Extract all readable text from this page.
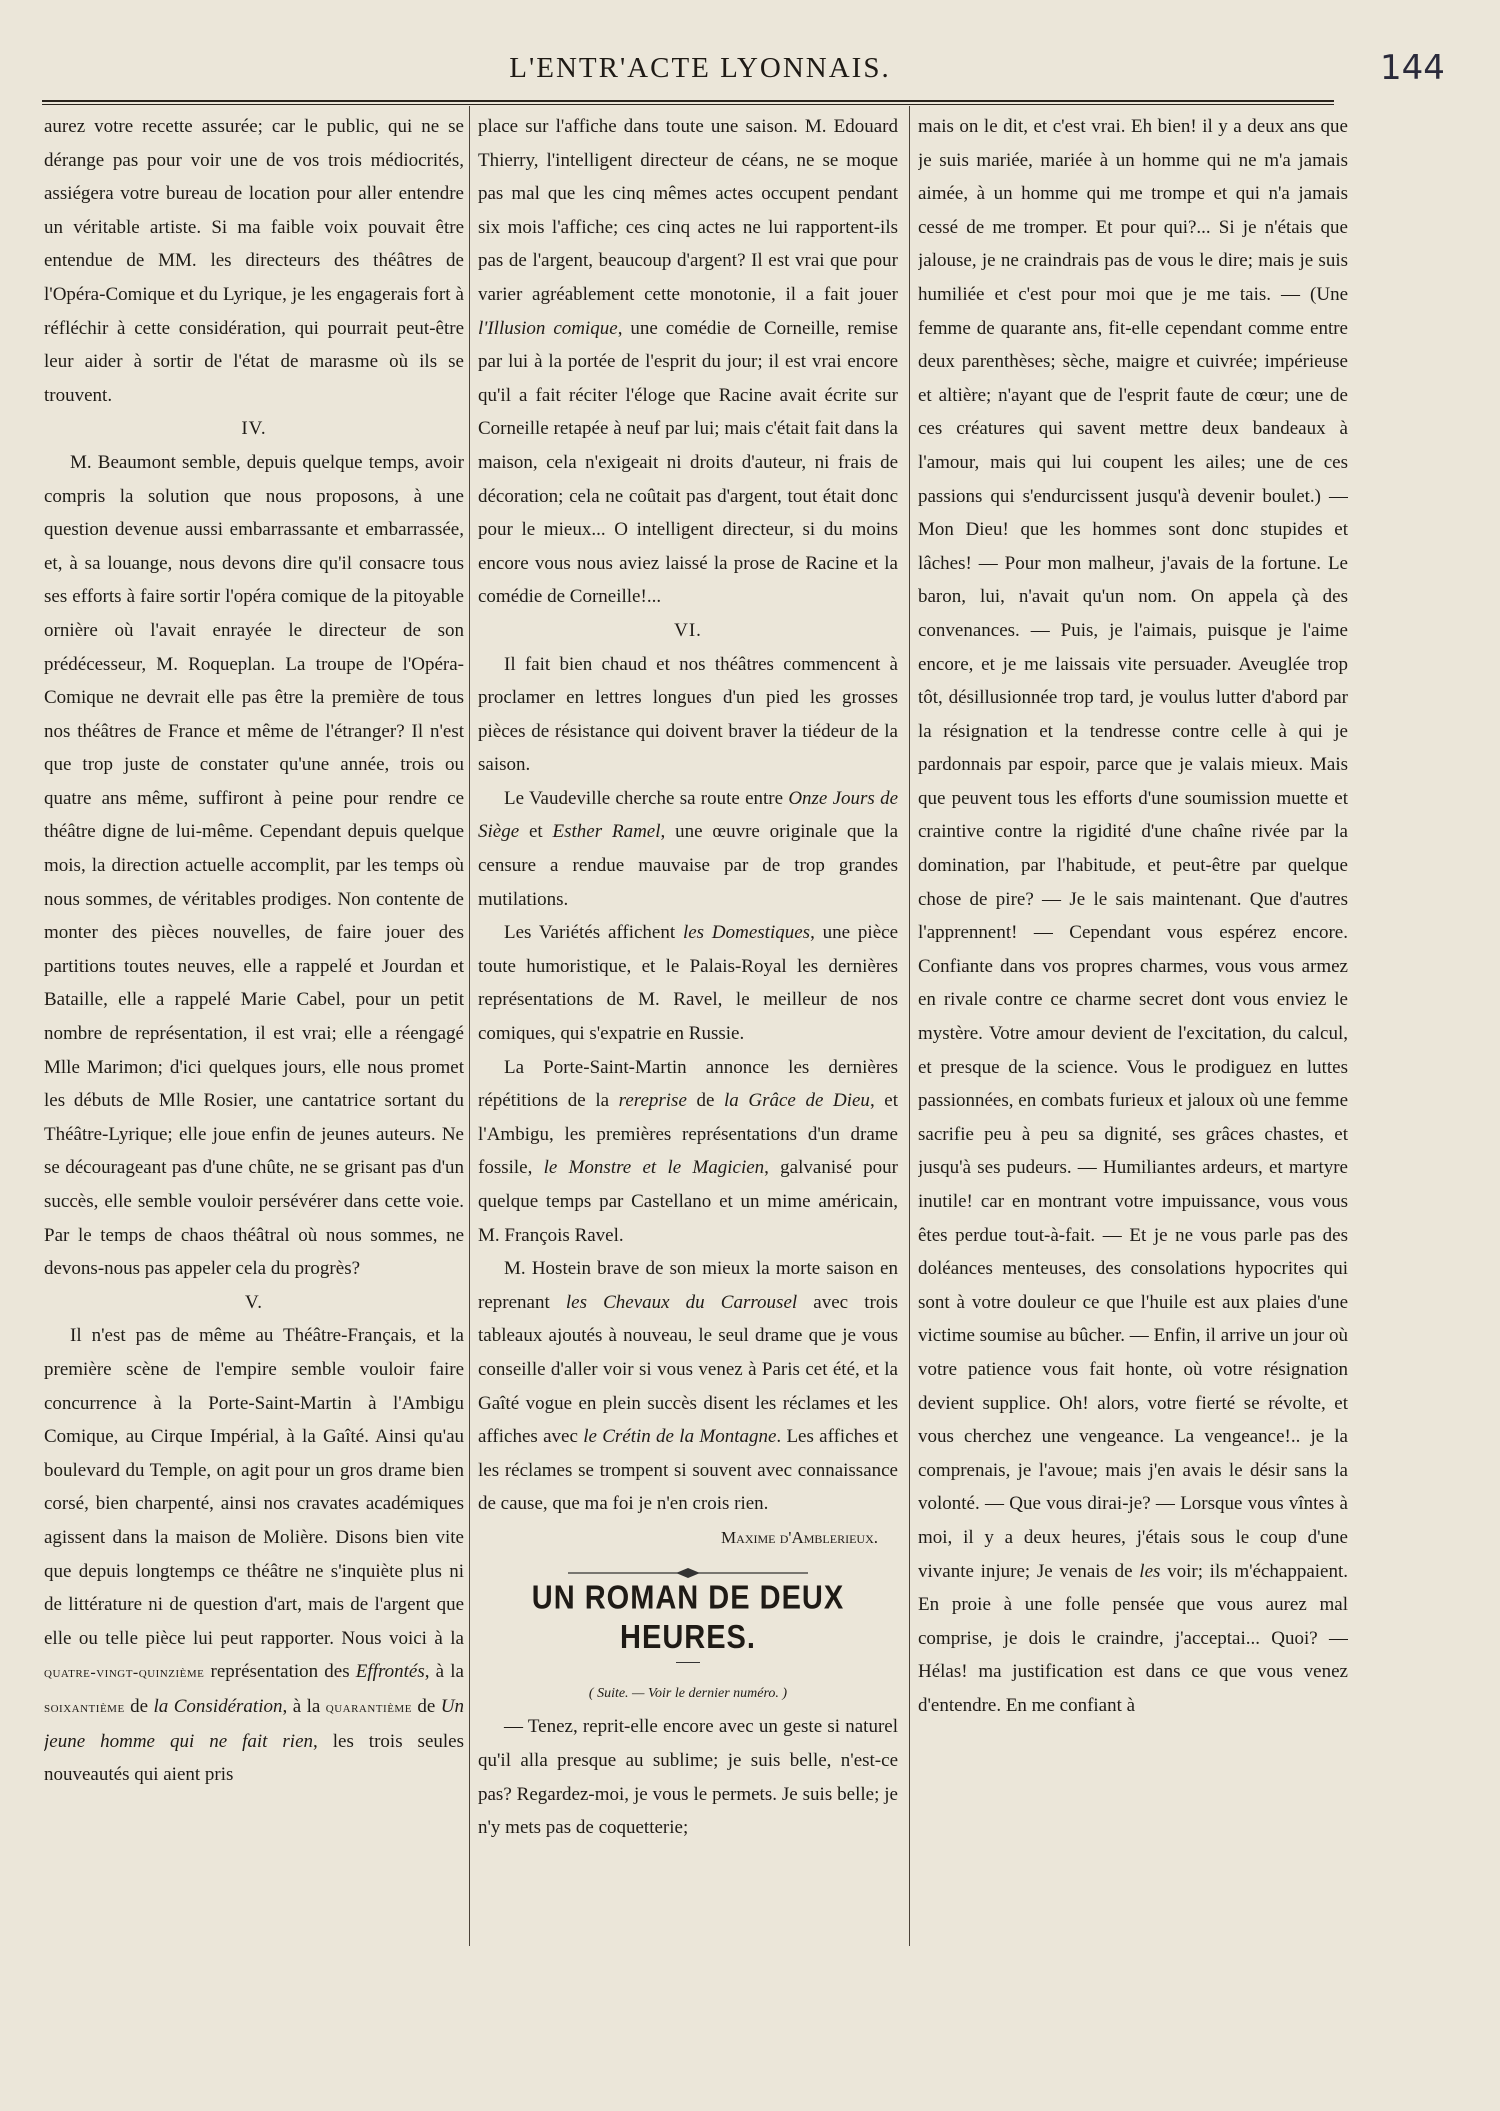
L'ENTR'ACTE LYONNAIS.	144

aurez votre recette assurée; car le public, qui ne se dérange pas pour voir une de vos trois médiocrités, assiégera votre bureau de location pour aller entendre un véritable artiste. Si ma faible voix pouvait être entendue de MM. les directeurs des théâtres de l'Opéra-Comique et du Lyrique, je les engagerais fort à réfléchir à cette considération, qui pourrait peut-être leur aider à sortir de l'état de marasme où ils se trouvent.

IV.

M. Beaumont semble, depuis quelque temps, avoir compris la solution que nous proposons, à une question devenue aussi embarrassante et embarrassée, et, à sa louange, nous devons dire qu'il consacre tous ses efforts à faire sortir l'opéra comique de la pitoyable ornière où l'avait enrayée le directeur de son prédécesseur, M. Roqueplan. La troupe de l'Opéra-Comique ne devrait elle pas être la première de tous nos théâtres de France et même de l'étranger? Il n'est que trop juste de constater qu'une année, trois ou quatre ans même, suffiront à peine pour rendre ce théâtre digne de lui-même. Cependant depuis quelque mois, la direction actuelle accomplit, par les temps où nous sommes, de véritables prodiges. Non contente de monter des pièces nouvelles, de faire jouer des partitions toutes neuves, elle a rappelé et Jourdan et Bataille, elle a rappelé Marie Cabel, pour un petit nombre de représentation, il est vrai; elle a réengagé Mlle Marimon; d'ici quelques jours, elle nous promet les débuts de Mlle Rosier, une cantatrice sortant du Théâtre-Lyrique; elle joue enfin de jeunes auteurs. Ne se décourageant pas d'une chûte, ne se grisant pas d'un succès, elle semble vouloir persévérer dans cette voie. Par le temps de chaos théâtral où nous sommes, ne devons-nous pas appeler cela du progrès?

V.

Il n'est pas de même au Théâtre-Français, et la première scène de l'empire semble vouloir faire concurrence à la Porte-Saint-Martin à l'Ambigu Comique, au Cirque Impérial, à la Gaîté. Ainsi qu'au boulevard du Temple, on agit pour un gros drame bien corsé, bien charpenté, ainsi nos cravates académiques agissent dans la maison de Molière. Disons bien vite que depuis longtemps ce théâtre ne s'inquiète plus ni de littérature ni de question d'art, mais de l'argent que elle ou telle pièce lui peut rapporter. Nous voici à la quatre-vingt-quinzième représentation des Effrontés, à la soixantième de la Considération, à la quarantième de Un jeune homme qui ne fait rien, les trois seules nouveautés qui aient pris

place sur l'affiche dans toute une saison. M. Edouard Thierry, l'intelligent directeur de céans, ne se moque pas mal que les cinq mêmes actes occupent pendant six mois l'affiche; ces cinq actes ne lui rapportent-ils pas de l'argent, beaucoup d'argent? Il est vrai que pour varier agréablement cette monotonie, il a fait jouer l'Illusion comique, une comédie de Corneille, remise par lui à la portée de l'esprit du jour; il est vrai encore qu'il a fait réciter l'éloge que Racine avait écrite sur Corneille retapée à neuf par lui; mais c'était fait dans la maison, cela n'exigeait ni droits d'auteur, ni frais de décoration; cela ne coûtait pas d'argent, tout était donc pour le mieux... O intelligent directeur, si du moins encore vous nous aviez laissé la prose de Racine et la comédie de Corneille!...

VI.

Il fait bien chaud et nos théâtres commencent à proclamer en lettres longues d'un pied les grosses pièces de résistance qui doivent braver la tiédeur de la saison.

Le Vaudeville cherche sa route entre Onze Jours de Siège et Esther Ramel, une œuvre originale que la censure a rendue mauvaise par de trop grandes mutilations.

Les Variétés affichent les Domestiques, une pièce toute humoristique, et le Palais-Royal les dernières représentations de M. Ravel, le meilleur de nos comiques, qui s'expatrie en Russie.

La Porte-Saint-Martin annonce les dernières répétitions de la rereprise de la Grâce de Dieu, et l'Ambigu, les premières représentations d'un drame fossile, le Monstre et le Magicien, galvanisé pour quelque temps par Castellano et un mime américain, M. François Ravel.

M. Hostein brave de son mieux la morte saison en reprenant les Chevaux du Carrousel avec trois tableaux ajoutés à nouveau, le seul drame que je vous conseille d'aller voir si vous venez à Paris cet été, et la Gaîté vogue en plein succès disent les réclames et les affiches avec le Crétin de la Montagne. Les affiches et les réclames se trompent si souvent avec connaissance de cause, que ma foi je n'en crois rien.

Maxime d'Amblerieux.

UN ROMAN DE DEUX HEURES.

( Suite. — Voir le dernier numéro. )

— Tenez, reprit-elle encore avec un geste si naturel qu'il alla presque au sublime; je suis belle, n'est-ce pas? Regardez-moi, je vous le permets. Je suis belle; je n'y mets pas de coquetterie;

mais on le dit, et c'est vrai. Eh bien! il y a deux ans que je suis mariée, mariée à un homme qui ne m'a jamais aimée, à un homme qui me trompe et qui n'a jamais cessé de me tromper. Et pour qui?... Si je n'étais que jalouse, je ne craindrais pas de vous le dire; mais je suis humiliée et c'est pour moi que je me tais. — (Une femme de quarante ans, fit-elle cependant comme entre deux parenthèses; sèche, maigre et cuivrée; impérieuse et altière; n'ayant que de l'esprit faute de cœur; une de ces créatures qui savent mettre deux bandeaux à l'amour, mais qui lui coupent les ailes; une de ces passions qui s'endurcissent jusqu'à devenir boulet.) — Mon Dieu! que les hommes sont donc stupides et lâches! — Pour mon malheur, j'avais de la fortune. Le baron, lui, n'avait qu'un nom. On appela çà des convenances. — Puis, je l'aimais, puisque je l'aime encore, et je me laissais vite persuader. Aveuglée trop tôt, désillusionnée trop tard, je voulus lutter d'abord par la résignation et la tendresse contre celle à qui je pardonnais par espoir, parce que je valais mieux. Mais que peuvent tous les efforts d'une soumission muette et craintive contre la rigidité d'une chaîne rivée par la domination, par l'habitude, et peut-être par quelque chose de pire? — Je le sais maintenant. Que d'autres l'apprennent! — Cependant vous espérez encore. Confiante dans vos propres charmes, vous vous armez en rivale contre ce charme secret dont vous enviez le mystère. Votre amour devient de l'excitation, du calcul, et presque de la science. Vous le prodiguez en luttes passionnées, en combats furieux et jaloux où une femme sacrifie peu à peu sa dignité, ses grâces chastes, et jusqu'à ses pudeurs. — Humiliantes ardeurs, et martyre inutile! car en montrant votre impuissance, vous vous êtes perdue tout-à-fait. — Et je ne vous parle pas des doléances menteuses, des consolations hypocrites qui sont à votre douleur ce que l'huile est aux plaies d'une victime soumise au bûcher. — Enfin, il arrive un jour où votre patience vous fait honte, où votre résignation devient supplice. Oh! alors, votre fierté se révolte, et vous cherchez une vengeance. La vengeance!.. je la comprenais, je l'avoue; mais j'en avais le désir sans la volonté. — Que vous dirai-je? — Lorsque vous vîntes à moi, il y a deux heures, j'étais sous le coup d'une vivante injure; Je venais de les voir; ils m'échappaient. En proie à une folle pensée que vous aurez mal comprise, je dois le craindre, j'acceptai... Quoi? — Hélas! ma justification est dans ce que vous venez d'entendre. En me confiant à
